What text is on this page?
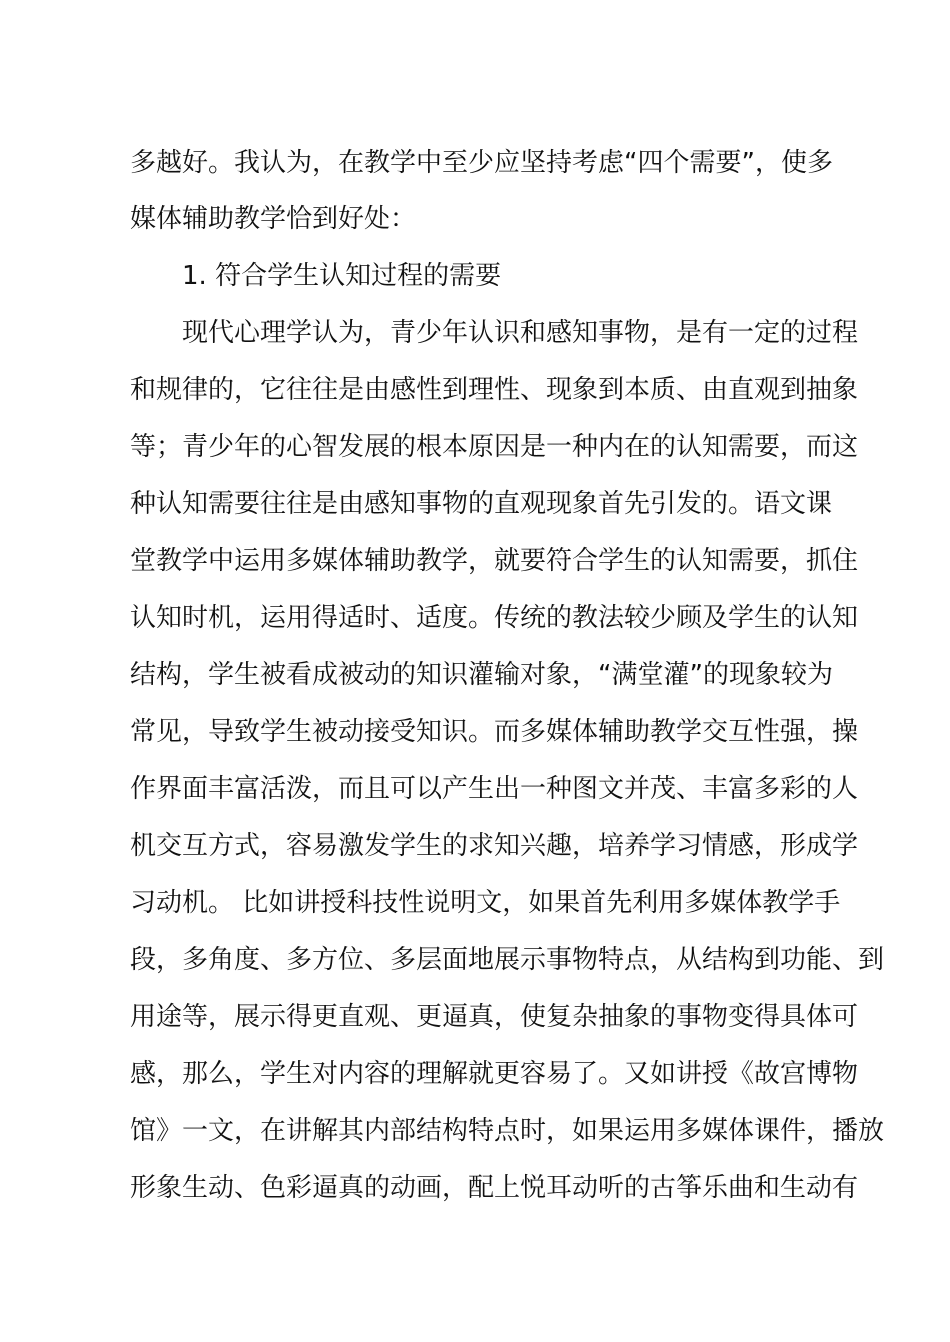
多越好。我认为，在教学中至少应坚持考虑“四个需要”，使多
媒体辅助教学恰到好处：
1. 符合学生认知过程的需要
现代心理学认为，青少年认识和感知事物，是有一定的过程
和规律的，它往往是由感性到理性、现象到本质、由直观到抽象
等；青少年的心智发展的根本原因是一种内在的认知需要，而这
种认知需要往往是由感知事物的直观现象首先引发的。语文课
堂教学中运用多媒体辅助教学，就要符合学生的认知需要，抓住
认知时机，运用得适时、适度。传统的教法较少顾及学生的认知
结构，学生被看成被动的知识灌输对象，“满堂灌”的现象较为
常见，导致学生被动接受知识。而多媒体辅助教学交互性强，操
作界面丰富活泼，而且可以产生出一种图文并茂、丰富多彩的人
机交互方式，容易激发学生的求知兴趣，培养学习情感，形成学
习动机。 比如讲授科技性说明文，如果首先利用多媒体教学手
段，多角度、多方位、多层面地展示事物特点，从结构到功能、到
用途等，展示得更直观、更逼真，使复杂抽象的事物变得具体可
感，那么，学生对内容的理解就更容易了。又如讲授《故宫博物
馆》一文，在讲解其内部结构特点时，如果运用多媒体课件，播放
形象生动、色彩逼真的动画，配上悦耳动听的古筝乐曲和生动有
